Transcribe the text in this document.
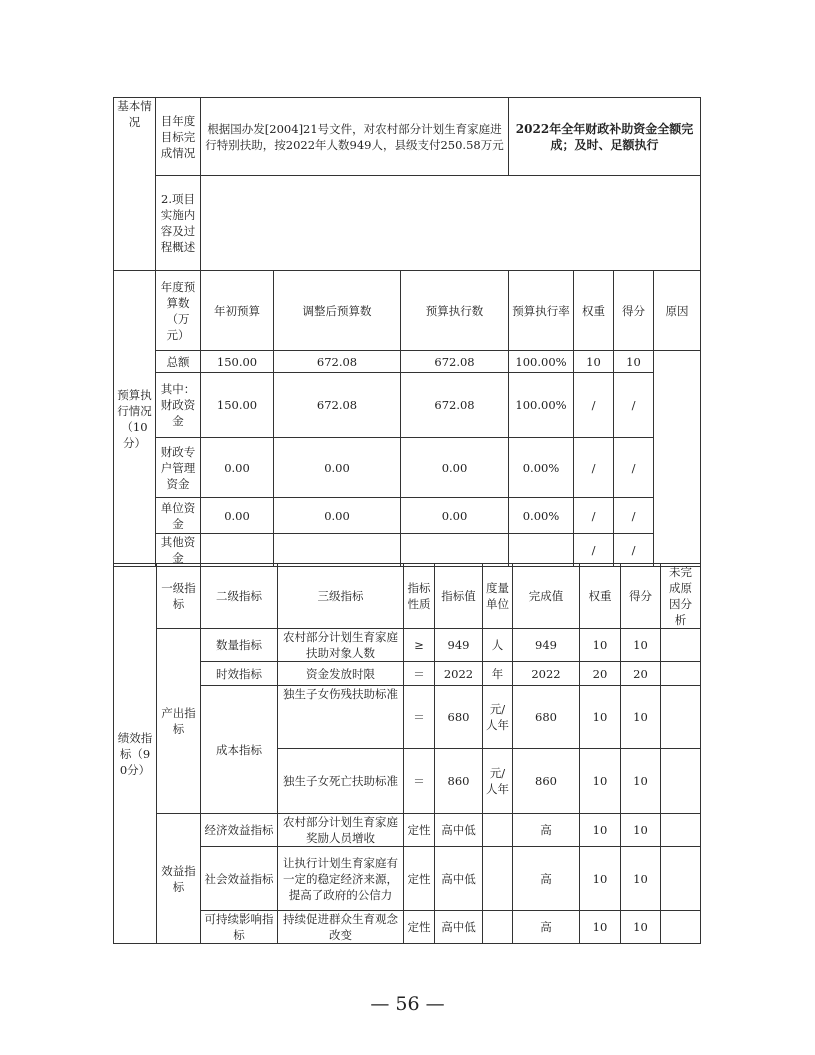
基本情况	目年度目标完成情况	根据国办发[2004]21号文件，对农村部分计划生育家庭进行特别扶助，按2022年人数949人，县级支付250.58万元	2022年全年财政补助资金全额完成；及时、足额执行
	2.项目实施内容及过程概述		
预算执行情况（10分）	年度预算数（万元）	年初预算	调整后预算数	预算执行数	预算执行率	权重	得分	原因
	总额	150.00	672.08	672.08	100.00%	10	10	
	其中：财政资金	150.00	672.08	672.08	100.00%	/	/	
	财政专户管理资金	0.00	0.00	0.00	0.00%	/	/	
	单位资金	0.00	0.00	0.00	0.00%	/	/	
	其他资金					/	/	
绩效指标（90分）	一级指标	二级指标	三级指标	指标性质	指标值	度量单位	完成值	权重	得分	未完成原因分析
	产出指标	数量指标	农村部分计划生育家庭扶助对象人数	≥	949	人	949	10	10	
		时效指标	资金发放时限	＝	2022	年	2022	20	20	
		成本指标	独生子女伤残扶助标准	＝	680	元/人年	680	10	10	
			独生子女死亡扶助标准	＝	860	元/人年	860	10	10	
	效益指标	经济效益指标	农村部分计划生育家庭奖励人员增收	定性	高中低		高	10	10	
		社会效益指标	让执行计划生育家庭有一定的稳定经济来源，提高了政府的公信力	定性	高中低		高	10	10	
		可持续影响指标	持续促进群众生育观念改变	定性	高中低		高	10	10	
— 56 —
